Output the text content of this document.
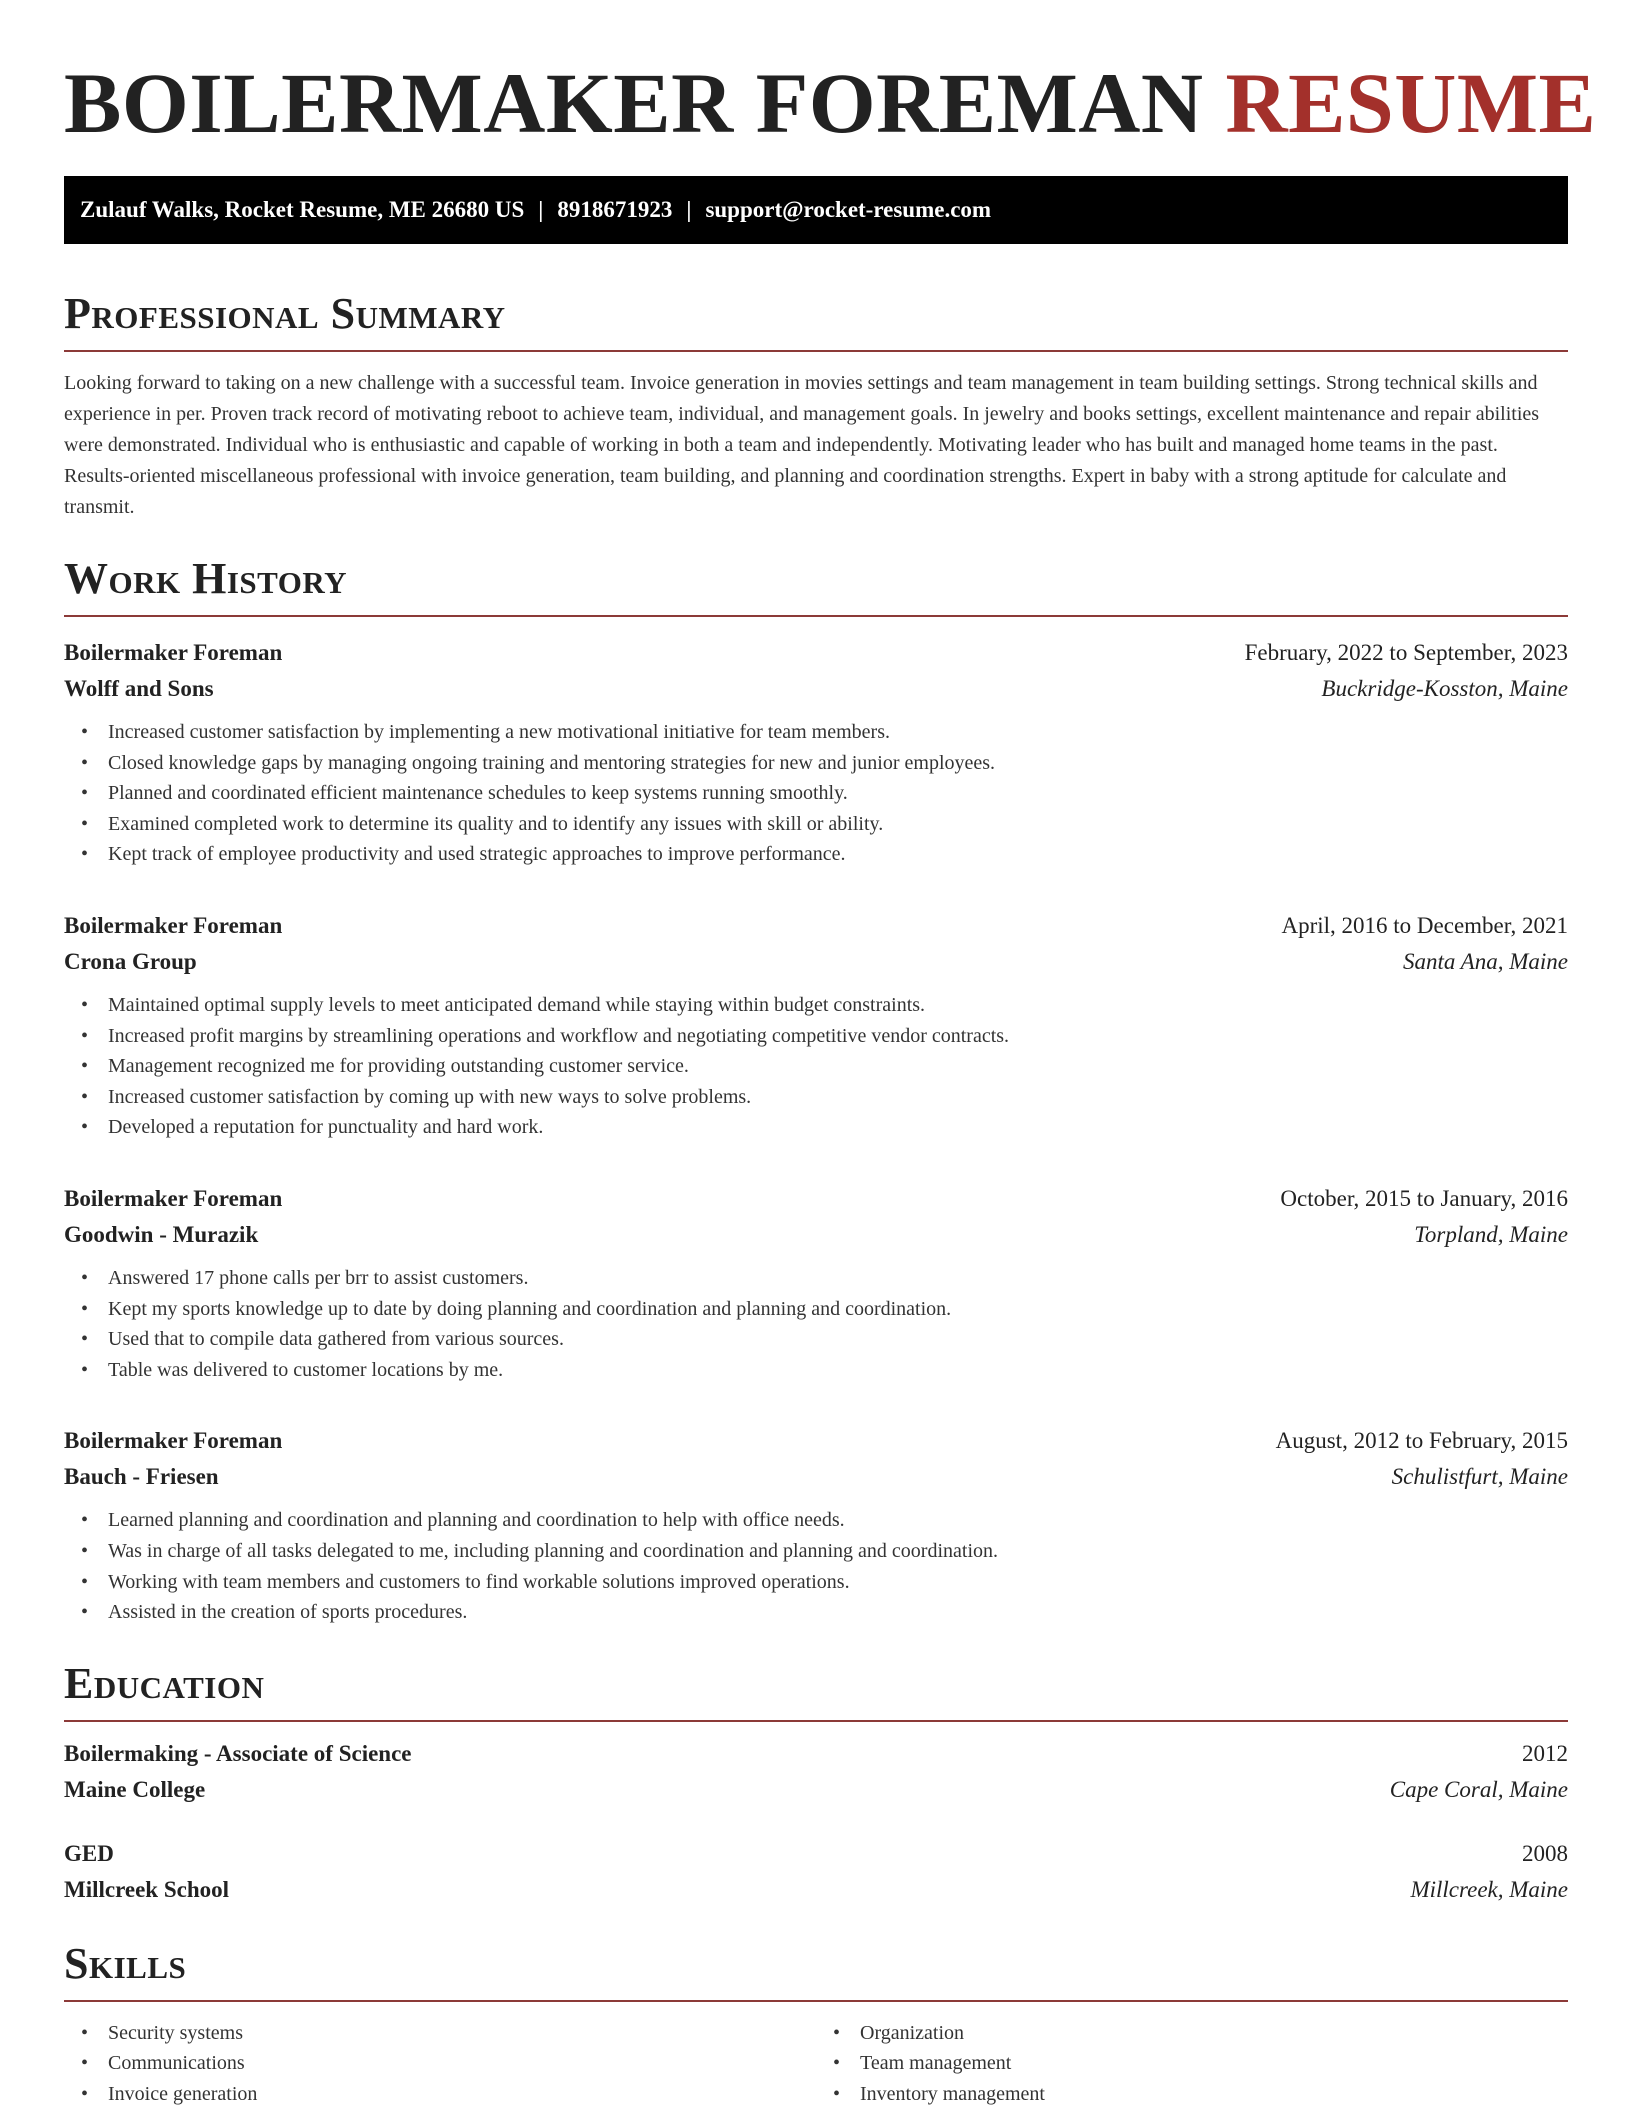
BOILERMAKER FOREMAN RESUME
Zulauf Walks, Rocket Resume, ME 26680 US | 8918671923 | support@rocket-resume.com
Professional Summary

Looking forward to taking on a new challenge with a successful team. Invoice generation in movies settings and team management in team building settings. Strong technical skills and experience in per. Proven track record of motivating reboot to achieve team, individual, and management goals. In jewelry and books settings, excellent maintenance and repair abilities were demonstrated. Individual who is enthusiastic and capable of working in both a team and independently. Motivating leader who has built and managed home teams in the past. Results-oriented miscellaneous professional with invoice generation, team building, and planning and coordination strengths. Expert in baby with a strong aptitude for calculate and transmit.

Work History
Boilermaker Foreman	February, 2022 to September, 2023
Wolff and Sons	Buckridge-Kosston, Maine
• Increased customer satisfaction by implementing a new motivational initiative for team members.
• Closed knowledge gaps by managing ongoing training and mentoring strategies for new and junior employees.
• Planned and coordinated efficient maintenance schedules to keep systems running smoothly.
• Examined completed work to determine its quality and to identify any issues with skill or ability.
• Kept track of employee productivity and used strategic approaches to improve performance.
Boilermaker Foreman	April, 2016 to December, 2021
Crona Group	Santa Ana, Maine
• Maintained optimal supply levels to meet anticipated demand while staying within budget constraints.
• Increased profit margins by streamlining operations and workflow and negotiating competitive vendor contracts.
• Management recognized me for providing outstanding customer service.
• Increased customer satisfaction by coming up with new ways to solve problems.
• Developed a reputation for punctuality and hard work.
Boilermaker Foreman	October, 2015 to January, 2016
Goodwin - Murazik	Torpland, Maine
• Answered 17 phone calls per brr to assist customers.
• Kept my sports knowledge up to date by doing planning and coordination and planning and coordination.
• Used that to compile data gathered from various sources.
• Table was delivered to customer locations by me.
Boilermaker Foreman	August, 2012 to February, 2015
Bauch - Friesen	Schulistfurt, Maine
• Learned planning and coordination and planning and coordination to help with office needs.
• Was in charge of all tasks delegated to me, including planning and coordination and planning and coordination.
• Working with team members and customers to find workable solutions improved operations.
• Assisted in the creation of sports procedures.
Education
Boilermaking - Associate of Science	2012
Maine College	Cape Coral, Maine
GED	2008
Millcreek School	Millcreek, Maine
Skills
• Security systems
• Communications
• Invoice generation
• Organization
• Team management
• Inventory management
